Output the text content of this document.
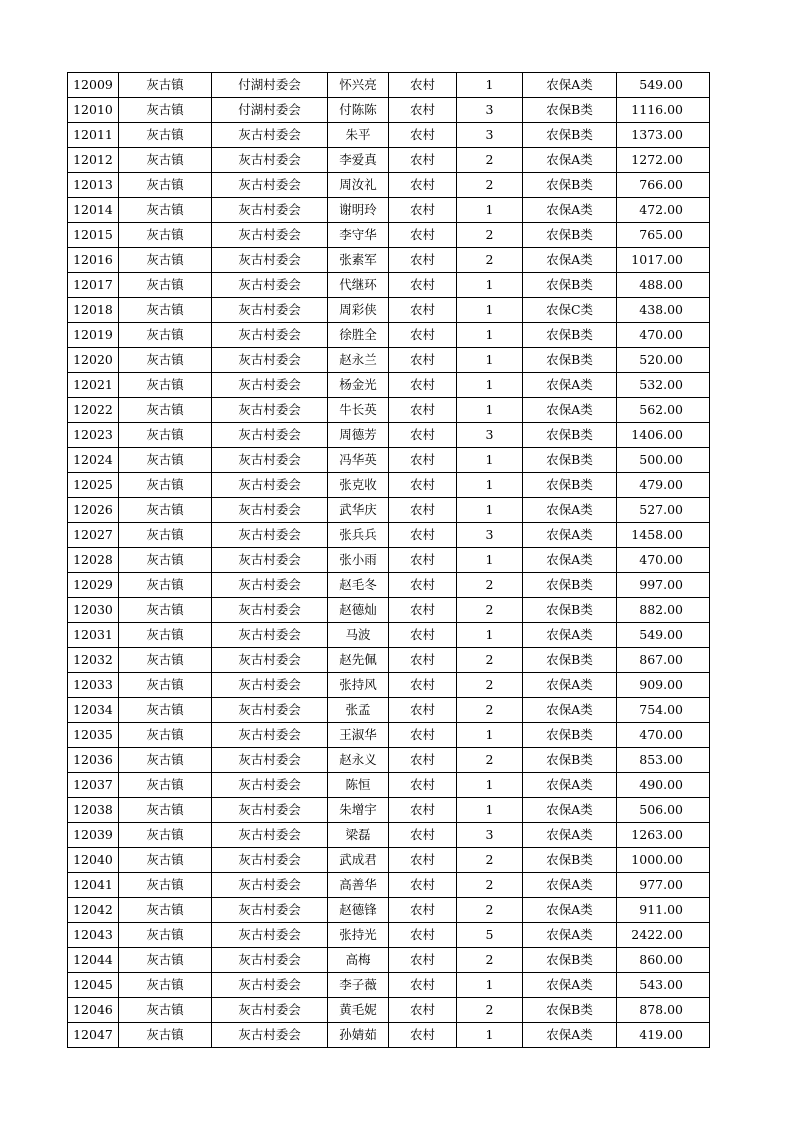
12009	灰古镇	付湖村委会	怀兴亮	农村	1	农保A类	549.00
12010	灰古镇	付湖村委会	付陈陈	农村	3	农保B类	1116.00
12011	灰古镇	灰古村委会	朱平	农村	3	农保B类	1373.00
12012	灰古镇	灰古村委会	李爱真	农村	2	农保A类	1272.00
12013	灰古镇	灰古村委会	周汝礼	农村	2	农保B类	766.00
12014	灰古镇	灰古村委会	谢明玲	农村	1	农保A类	472.00
12015	灰古镇	灰古村委会	李守华	农村	2	农保B类	765.00
12016	灰古镇	灰古村委会	张素军	农村	2	农保A类	1017.00
12017	灰古镇	灰古村委会	代继环	农村	1	农保B类	488.00
12018	灰古镇	灰古村委会	周彩侠	农村	1	农保C类	438.00
12019	灰古镇	灰古村委会	徐胜全	农村	1	农保B类	470.00
12020	灰古镇	灰古村委会	赵永兰	农村	1	农保B类	520.00
12021	灰古镇	灰古村委会	杨金光	农村	1	农保A类	532.00
12022	灰古镇	灰古村委会	牛长英	农村	1	农保A类	562.00
12023	灰古镇	灰古村委会	周德芳	农村	3	农保B类	1406.00
12024	灰古镇	灰古村委会	冯华英	农村	1	农保B类	500.00
12025	灰古镇	灰古村委会	张克收	农村	1	农保B类	479.00
12026	灰古镇	灰古村委会	武华庆	农村	1	农保A类	527.00
12027	灰古镇	灰古村委会	张兵兵	农村	3	农保A类	1458.00
12028	灰古镇	灰古村委会	张小雨	农村	1	农保A类	470.00
12029	灰古镇	灰古村委会	赵毛冬	农村	2	农保B类	997.00
12030	灰古镇	灰古村委会	赵德灿	农村	2	农保B类	882.00
12031	灰古镇	灰古村委会	马波	农村	1	农保A类	549.00
12032	灰古镇	灰古村委会	赵先佩	农村	2	农保B类	867.00
12033	灰古镇	灰古村委会	张持风	农村	2	农保A类	909.00
12034	灰古镇	灰古村委会	张孟	农村	2	农保A类	754.00
12035	灰古镇	灰古村委会	王淑华	农村	1	农保B类	470.00
12036	灰古镇	灰古村委会	赵永义	农村	2	农保B类	853.00
12037	灰古镇	灰古村委会	陈恒	农村	1	农保A类	490.00
12038	灰古镇	灰古村委会	朱增宇	农村	1	农保A类	506.00
12039	灰古镇	灰古村委会	梁磊	农村	3	农保A类	1263.00
12040	灰古镇	灰古村委会	武成君	农村	2	农保B类	1000.00
12041	灰古镇	灰古村委会	高善华	农村	2	农保A类	977.00
12042	灰古镇	灰古村委会	赵德锋	农村	2	农保A类	911.00
12043	灰古镇	灰古村委会	张持光	农村	5	农保A类	2422.00
12044	灰古镇	灰古村委会	高梅	农村	2	农保B类	860.00
12045	灰古镇	灰古村委会	李子薇	农村	1	农保A类	543.00
12046	灰古镇	灰古村委会	黄毛妮	农村	2	农保B类	878.00
12047	灰古镇	灰古村委会	孙婧茹	农村	1	农保A类	419.00
